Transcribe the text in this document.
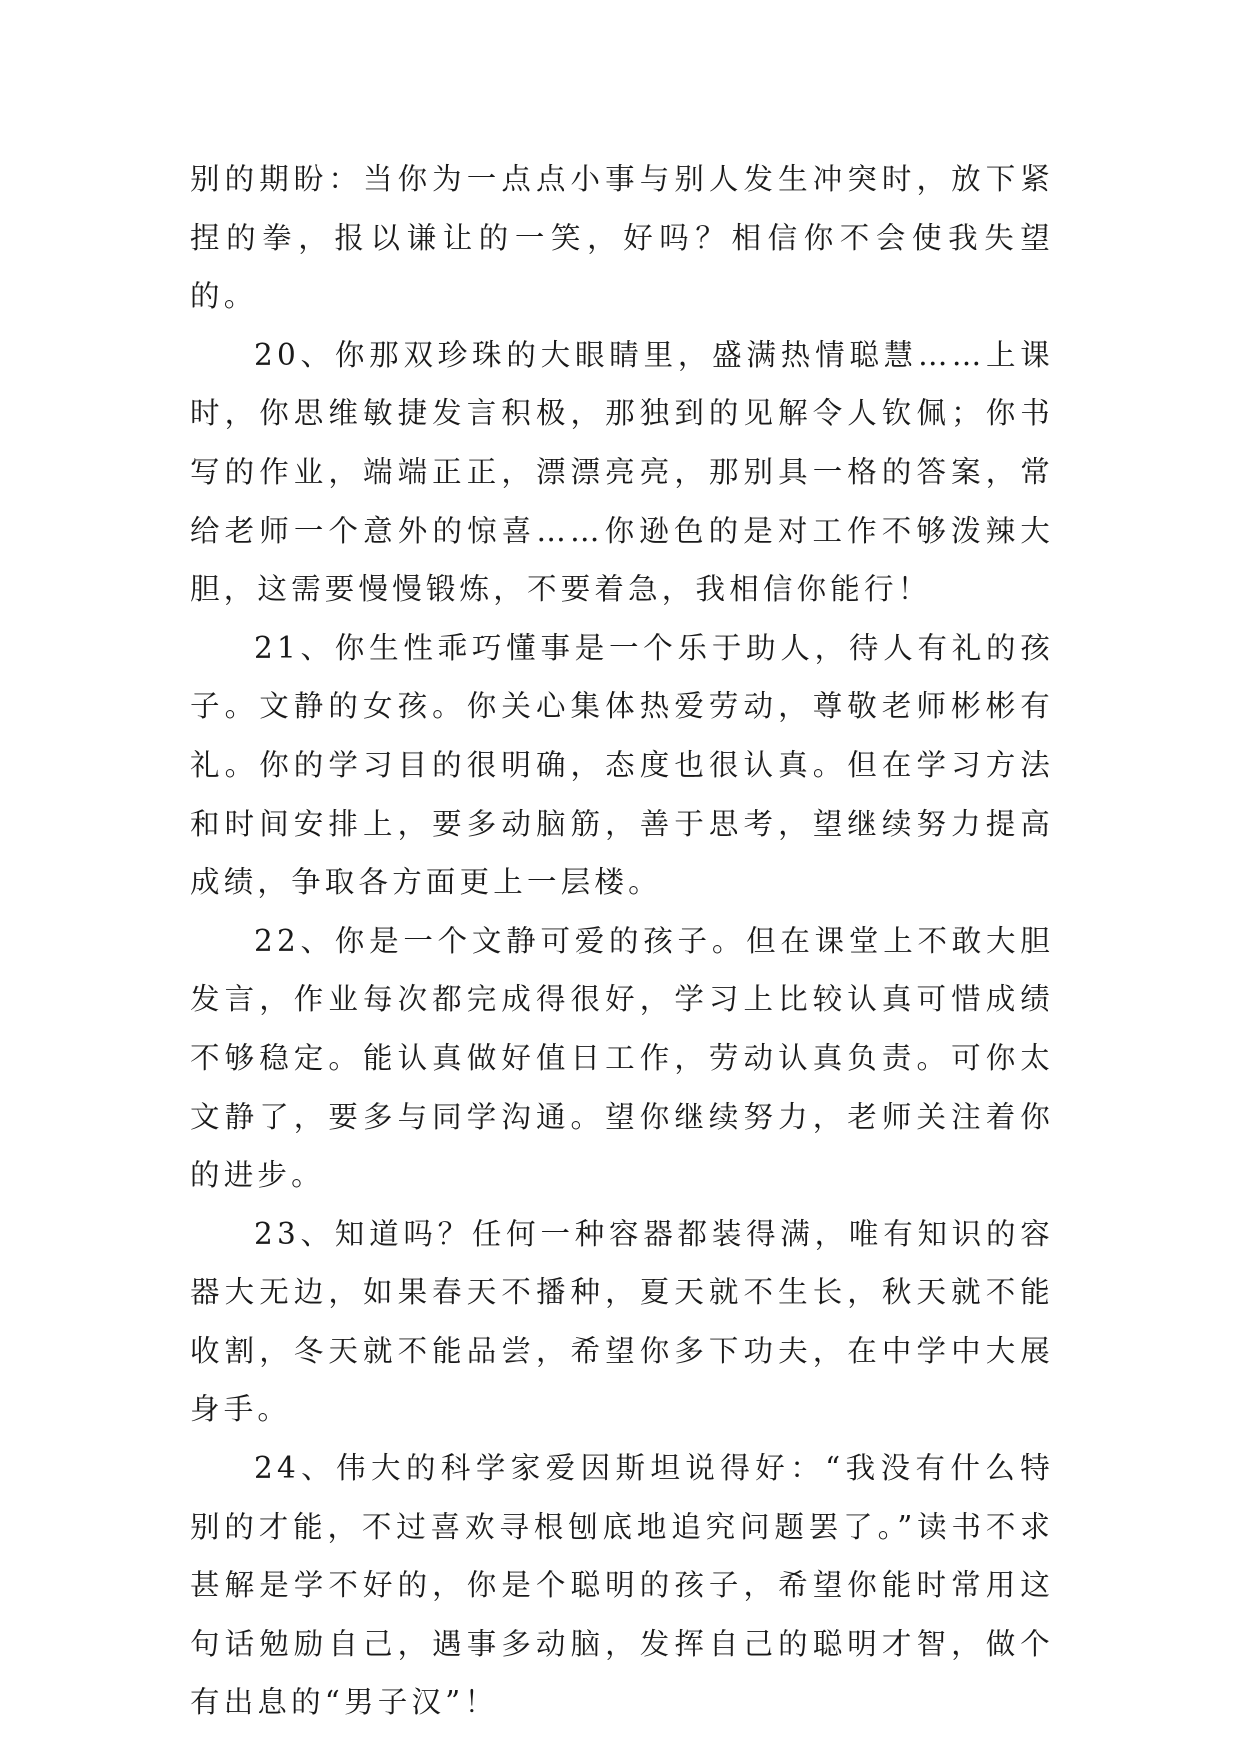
别的期盼：当你为一点点小事与别人发生冲突时，放下紧捏的拳，报以谦让的一笑，好吗？相信你不会使我失望的。

20、你那双珍珠的大眼睛里，盛满热情聪慧……上课时，你思维敏捷发言积极，那独到的见解令人钦佩；你书写的作业，端端正正，漂漂亮亮，那别具一格的答案，常给老师一个意外的惊喜……你逊色的是对工作不够泼辣大胆，这需要慢慢锻炼，不要着急，我相信你能行！

21、你生性乖巧懂事是一个乐于助人，待人有礼的孩子。文静的女孩。你关心集体热爱劳动，尊敬老师彬彬有礼。你的学习目的很明确，态度也很认真。但在学习方法和时间安排上，要多动脑筋，善于思考，望继续努力提高成绩，争取各方面更上一层楼。

22、你是一个文静可爱的孩子。但在课堂上不敢大胆发言，作业每次都完成得很好，学习上比较认真可惜成绩不够稳定。能认真做好值日工作，劳动认真负责。可你太文静了，要多与同学沟通。望你继续努力，老师关注着你的进步。

23、知道吗？任何一种容器都装得满，唯有知识的容器大无边，如果春天不播种，夏天就不生长，秋天就不能收割，冬天就不能品尝，希望你多下功夫，在中学中大展身手。

24、伟大的科学家爱因斯坦说得好：“我没有什么特别的才能，不过喜欢寻根刨底地追究问题罢了。”读书不求甚解是学不好的，你是个聪明的孩子，希望你能时常用这句话勉励自己，遇事多动脑，发挥自己的聪明才智，做个有出息的“男子汉”！
